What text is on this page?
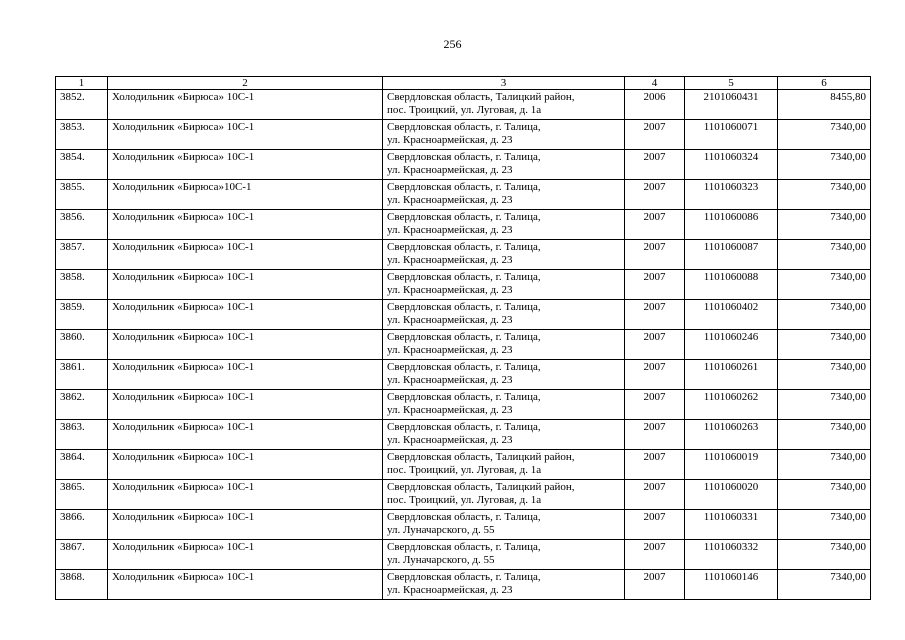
256
1	2	3	4	5	6
3852.	Холодильник «Бирюса» 10С-1	Свердловская область, Талицкий район,
пос. Троицкий, ул. Луговая, д. 1а	2006	2101060431	8455,80
3853.	Холодильник «Бирюса» 10С-1	Свердловская область, г. Талица,
ул. Красноармейская, д. 23	2007	1101060071	7340,00
3854.	Холодильник «Бирюса» 10С-1	Свердловская область, г. Талица,
ул. Красноармейская, д. 23	2007	1101060324	7340,00
3855.	Холодильник «Бирюса»10С-1	Свердловская область, г. Талица,
ул. Красноармейская, д. 23	2007	1101060323	7340,00
3856.	Холодильник «Бирюса» 10С-1	Свердловская область, г. Талица,
ул. Красноармейская, д. 23	2007	1101060086	7340,00
3857.	Холодильник «Бирюса» 10С-1	Свердловская область, г. Талица,
ул. Красноармейская, д. 23	2007	1101060087	7340,00
3858.	Холодильник «Бирюса» 10С-1	Свердловская область, г. Талица,
ул. Красноармейская, д. 23	2007	1101060088	7340,00
3859.	Холодильник «Бирюса» 10С-1	Свердловская область, г. Талица,
ул. Красноармейская, д. 23	2007	1101060402	7340,00
3860.	Холодильник «Бирюса» 10С-1	Свердловская область, г. Талица,
ул. Красноармейская, д. 23	2007	1101060246	7340,00
3861.	Холодильник «Бирюса» 10С-1	Свердловская область, г. Талица,
ул. Красноармейская, д. 23	2007	1101060261	7340,00
3862.	Холодильник «Бирюса» 10С-1	Свердловская область, г. Талица,
ул. Красноармейская, д. 23	2007	1101060262	7340,00
3863.	Холодильник «Бирюса» 10С-1	Свердловская область, г. Талица,
ул. Красноармейская, д. 23	2007	1101060263	7340,00
3864.	Холодильник «Бирюса» 10С-1	Свердловская область, Талицкий район,
пос. Троицкий, ул. Луговая, д. 1а	2007	1101060019	7340,00
3865.	Холодильник «Бирюса» 10С-1	Свердловская область, Талицкий район,
пос. Троицкий, ул. Луговая, д. 1а	2007	1101060020	7340,00
3866.	Холодильник «Бирюса» 10С-1	Свердловская область, г. Талица,
ул. Луначарского, д. 55	2007	1101060331	7340,00
3867.	Холодильник «Бирюса» 10С-1	Свердловская область, г. Талица,
ул. Луначарского, д. 55	2007	1101060332	7340,00
3868.	Холодильник «Бирюса» 10С-1	Свердловская область, г. Талица,
ул. Красноармейская, д. 23	2007	1101060146	7340,00
